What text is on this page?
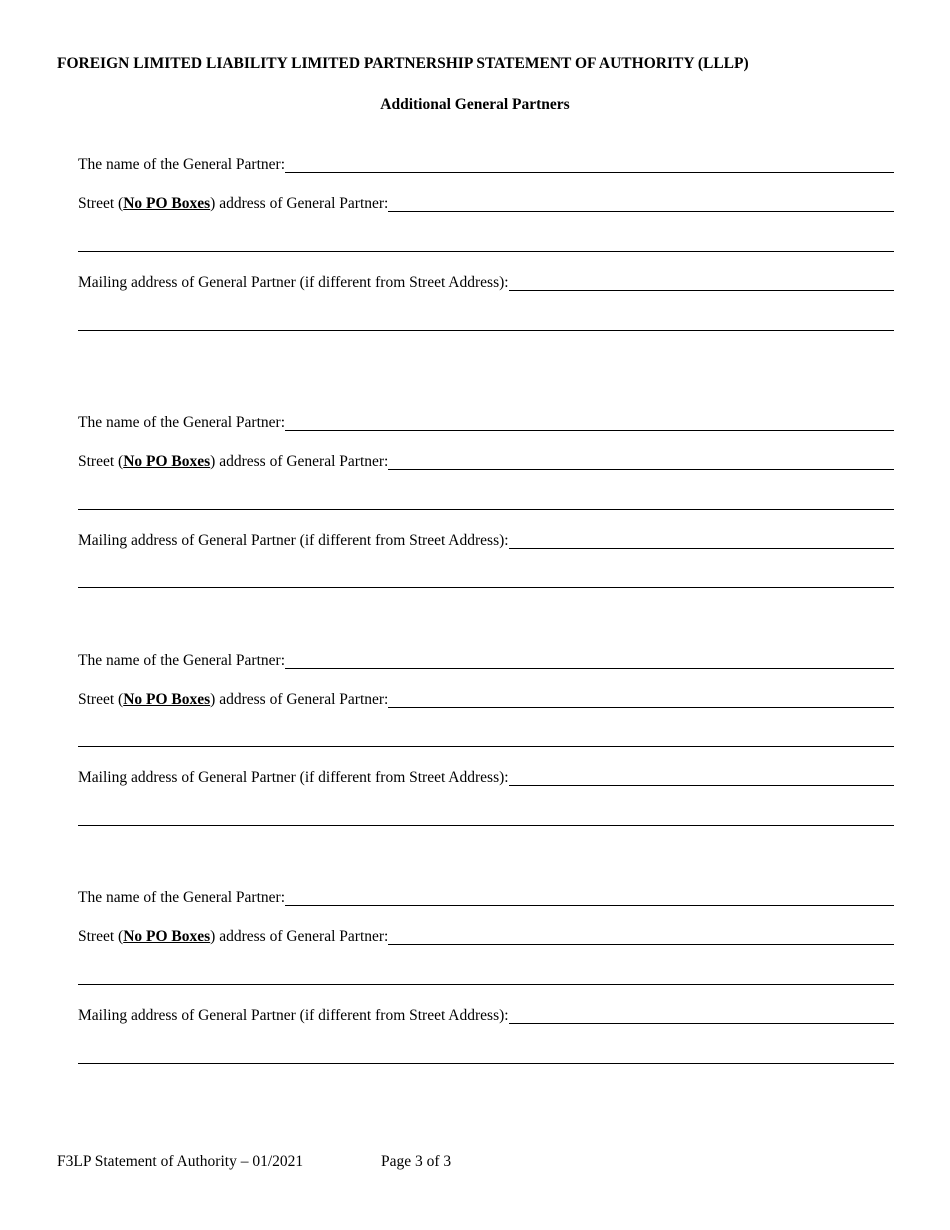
FOREIGN LIMITED LIABILITY LIMITED PARTNERSHIP STATEMENT OF AUTHORITY (LLLP)
Additional General Partners
The name of the General Partner:
Street (No PO Boxes) address of General Partner:
Mailing address of General Partner (if different from Street Address):
The name of the General Partner:
Street (No PO Boxes) address of General Partner:
Mailing address of General Partner (if different from Street Address):
The name of the General Partner:
Street (No PO Boxes) address of General Partner:
Mailing address of General Partner (if different from Street Address):
The name of the General Partner:
Street (No PO Boxes) address of General Partner:
Mailing address of General Partner (if different from Street Address):
F3LP Statement of Authority – 01/2021	Page 3 of 3
